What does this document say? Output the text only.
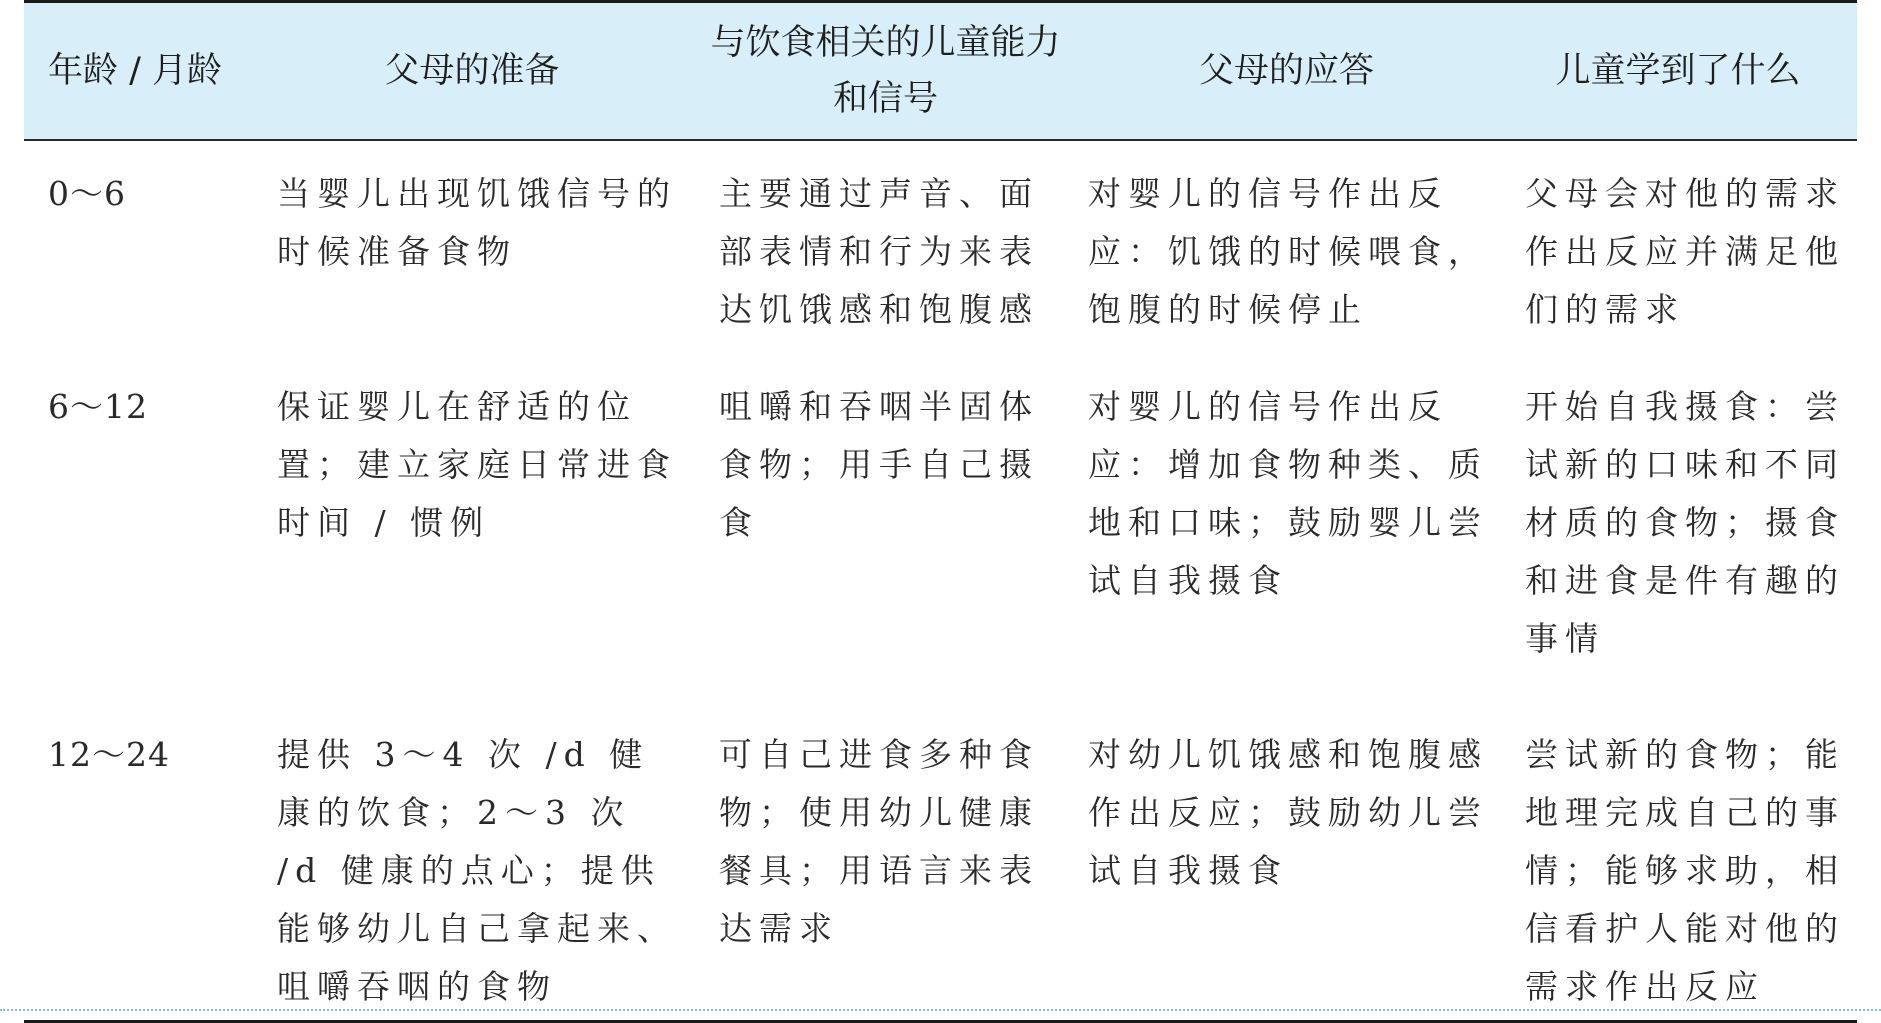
年龄 / 月龄	父母的准备	与饮食相关的儿童能力和信号	父母的应答	儿童学到了什么
0～6	当婴儿出现饥饿信号的时候准备食物	主要通过声音、面部表情和行为来表达饥饿感和饱腹感	对婴儿的信号作出反应：饥饿的时候喂食，饱腹的时候停止	父母会对他的需求作出反应并满足他们的需求
6～12	保证婴儿在舒适的位置；建立家庭日常进食时间 / 惯例	咀嚼和吞咽半固体食物；用手自己摄食	对婴儿的信号作出反应：增加食物种类、质地和口味；鼓励婴儿尝试自我摄食	开始自我摄食：尝试新的口味和不同材质的食物；摄食和进食是件有趣的事情
12～24	提供 3～4 次 /d 健康的饮食；2～3 次 /d 健康的点心；提供能够幼儿自己拿起来、咀嚼吞咽的食物	可自己进食多种食物；使用幼儿健康餐具；用语言来表达需求	对幼儿饥饿感和饱腹感作出反应；鼓励幼儿尝试自我摄食	尝试新的食物；能地理完成自己的事情；能够求助，相信看护人能对他的需求作出反应
